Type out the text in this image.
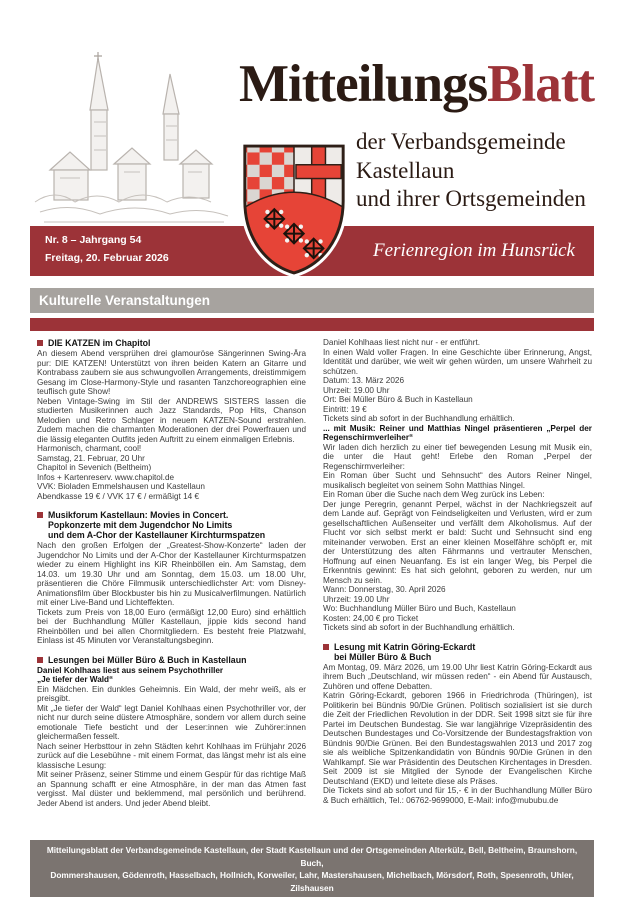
MitteilungsBlatt
der Verbandsgemeinde
Kastellaun
und ihrer Ortsgemeinden
Nr. 8 – Jahrgang 54
Freitag, 20. Februar 2026	Ferienregion im Hunsrück
Kulturelle Veranstaltungen
DIE KATZEN im Chapitol
An diesem Abend versprühen drei glamouröse Sängerinnen Swing-Ära pur: DIE KATZEN! Unterstützt von ihren beiden Katern an Gitarre und Kontrabass zaubern sie aus schwungvollen Arrangements, dreistimmigem Gesang im Close-Harmony-Style und rasanten Tanzchoreographien eine teuflisch gute Show!
Neben Vintage-Swing im Stil der ANDREWS SISTERS lassen die studierten Musikerinnen auch Jazz Standards, Pop Hits, Chanson Melodien und Retro Schlager in neuem KATZEN-Sound erstrahlen. Zudem machen die charmanten Moderationen der drei Powerfrauen und die lässig eleganten Outfits jeden Auftritt zu einem einmaligen Erlebnis.
Harmonisch, charmant, cool!
Samstag, 21. Februar, 20 Uhr
Chapitol in Sevenich (Beltheim)
Infos + Kartenreserv. www.chapitol.de
VVK: Bioladen Emmelshausen und Kastellaun
Abendkasse 19 € / VVK 17 € / ermäßigt 14 €
Musikforum Kastellaun: Movies in Concert.
Popkonzerte mit dem Jugendchor No Limits
und dem A-Chor der Kastellauner Kirchturmspatzen
Nach den großen Erfolgen der „Greatest-Show-Konzerte“ laden der Jugendchor No Limits und der A-Chor der Kastellauner Kirchturmspatzen wieder zu einem Highlight ins KiR Rheinböllen ein. Am Samstag, dem 14.03. um 19.30 Uhr und am Sonntag, dem 15.03. um 18.00 Uhr, präsentieren die Chöre Filmmusik unterschiedlichster Art: vom Disney-Animationsfilm über Blockbuster bis hin zu Musicalverfilmungen. Natürlich mit einer Live-Band und Lichteffekten.
Tickets zum Preis von 18,00 Euro (ermäßigt 12,00 Euro) sind erhältlich bei der Buchhandlung Müller Kastellaun, jippie kids second hand Rheinböllen und bei allen Chormitgliedern. Es besteht freie Platzwahl, Einlass ist 45 Minuten vor Veranstaltungsbeginn.
Lesungen bei Müller Büro & Buch in Kastellaun
Daniel Kohlhaas liest aus seinem Psychothriller
„Je tiefer der Wald“
Ein Mädchen. Ein dunkles Geheimnis. Ein Wald, der mehr weiß, als er preisgibt.
Mit „Je tiefer der Wald“ legt Daniel Kohlhaas einen Psychothriller vor, der nicht nur durch seine düstere Atmosphäre, sondern vor allem durch seine emotionale Tiefe besticht und der Leser:innen wie Zuhörer:innen gleichermaßen fesselt.
Nach seiner Herbsttour in zehn Städten kehrt Kohlhaas im Frühjahr 2026 zurück auf die Lesebühne - mit einem Format, das längst mehr ist als eine klassische Lesung:
Mit seiner Präsenz, seiner Stimme und einem Gespür für das richtige Maß an Spannung schafft er eine Atmosphäre, in der man das Atmen fast vergisst. Mal düster und beklemmend, mal persönlich und berührend. Jeder Abend ist anders. Und jeder Abend bleibt.
Daniel Kohlhaas liest nicht nur - er entführt.
In einen Wald voller Fragen. In eine Geschichte über Erinnerung, Angst, Identität und darüber, wie weit wir gehen würden, um unsere Wahrheit zu schützen.
Datum: 13. März 2026
Uhrzeit: 19.00 Uhr
Ort: Bei Müller Büro & Buch in Kastellaun
Eintritt: 19 €
Tickets sind ab sofort in der Buchhandlung erhältlich.
... mit Musik: Reiner und Matthias Ningel präsentieren „Perpel der Regenschirmverleiher“
Wir laden dich herzlich zu einer tief bewegenden Lesung mit Musik ein, die unter die Haut geht! Erlebe den Roman „Perpel der Regenschirmverleiher:
Ein Roman über Sucht und Sehnsucht“ des Autors Reiner Ningel, musikalisch begleitet von seinem Sohn Matthias Ningel.
Ein Roman über die Suche nach dem Weg zurück ins Leben:
Der junge Peregrin, genannt Perpel, wächst in der Nachkriegszeit auf dem Lande auf. Geprägt von Feindseligkeiten und Verlusten, wird er zum gesellschaftlichen Außenseiter und verfällt dem Alkoholismus. Auf der Flucht vor sich selbst merkt er bald: Sucht und Sehnsucht sind eng miteinander verwoben. Erst an einer kleinen Moselfähre schöpft er, mit der Unterstützung des alten Fährmanns und vertrauter Menschen, Hoffnung auf einen Neuanfang. Es ist ein langer Weg, bis Perpel die Erkenntnis gewinnt: Es hat sich gelohnt, geboren zu werden, nur um Mensch zu sein.
Wann: Donnerstag, 30. April 2026
Uhrzeit: 19.00 Uhr
Wo: Buchhandlung Müller Büro und Buch, Kastellaun
Kosten: 24,00 € pro Ticket
Tickets sind ab sofort in der Buchhandlung erhältlich.
Lesung mit Katrin Göring-Eckardt
bei Müller Büro & Buch
Am Montag, 09. März 2026, um 19.00 Uhr liest Katrin Göring-Eckardt aus ihrem Buch „Deutschland, wir müssen reden“ - ein Abend für Austausch, Zuhören und offene Debatten.
Katrin Göring-Eckardt, geboren 1966 in Friedrichroda (Thüringen), ist Politikerin bei Bündnis 90/Die Grünen. Politisch sozialisiert ist sie durch die Zeit der Friedlichen Revolution in der DDR. Seit 1998 sitzt sie für ihre Partei im Deutschen Bundestag. Sie war langjährige Vizepräsidentin des Deutschen Bundestages und Co-Vorsitzende der Bundestagsfraktion von Bündnis 90/Die Grünen. Bei den Bundestagswahlen 2013 und 2017 zog sie als weibliche Spitzenkandidatin von Bündnis 90/Die Grünen in den Wahlkampf. Sie war Präsidentin des Deutschen Kirchentages in Dresden. Seit 2009 ist sie Mitglied der Synode der Evangelischen Kirche Deutschland (EKD) und leitete diese als Präses.
Die Tickets sind ab sofort und für 15,- € in der Buchhandlung Müller Büro & Buch erhältlich, Tel.: 06762-9699000, E-Mail: info@mububu.de
Mitteilungsblatt der Verbandsgemeinde Kastellaun, der Stadt Kastellaun und der Ortsgemeinden Alterkülz, Bell, Beltheim, Braunshorn, Buch,
Dommershausen, Gödenroth, Hasselbach, Hollnich, Korweiler, Lahr, Mastershausen, Michelbach, Mörsdorf, Roth, Spesenroth, Uhler, Zilshausen
